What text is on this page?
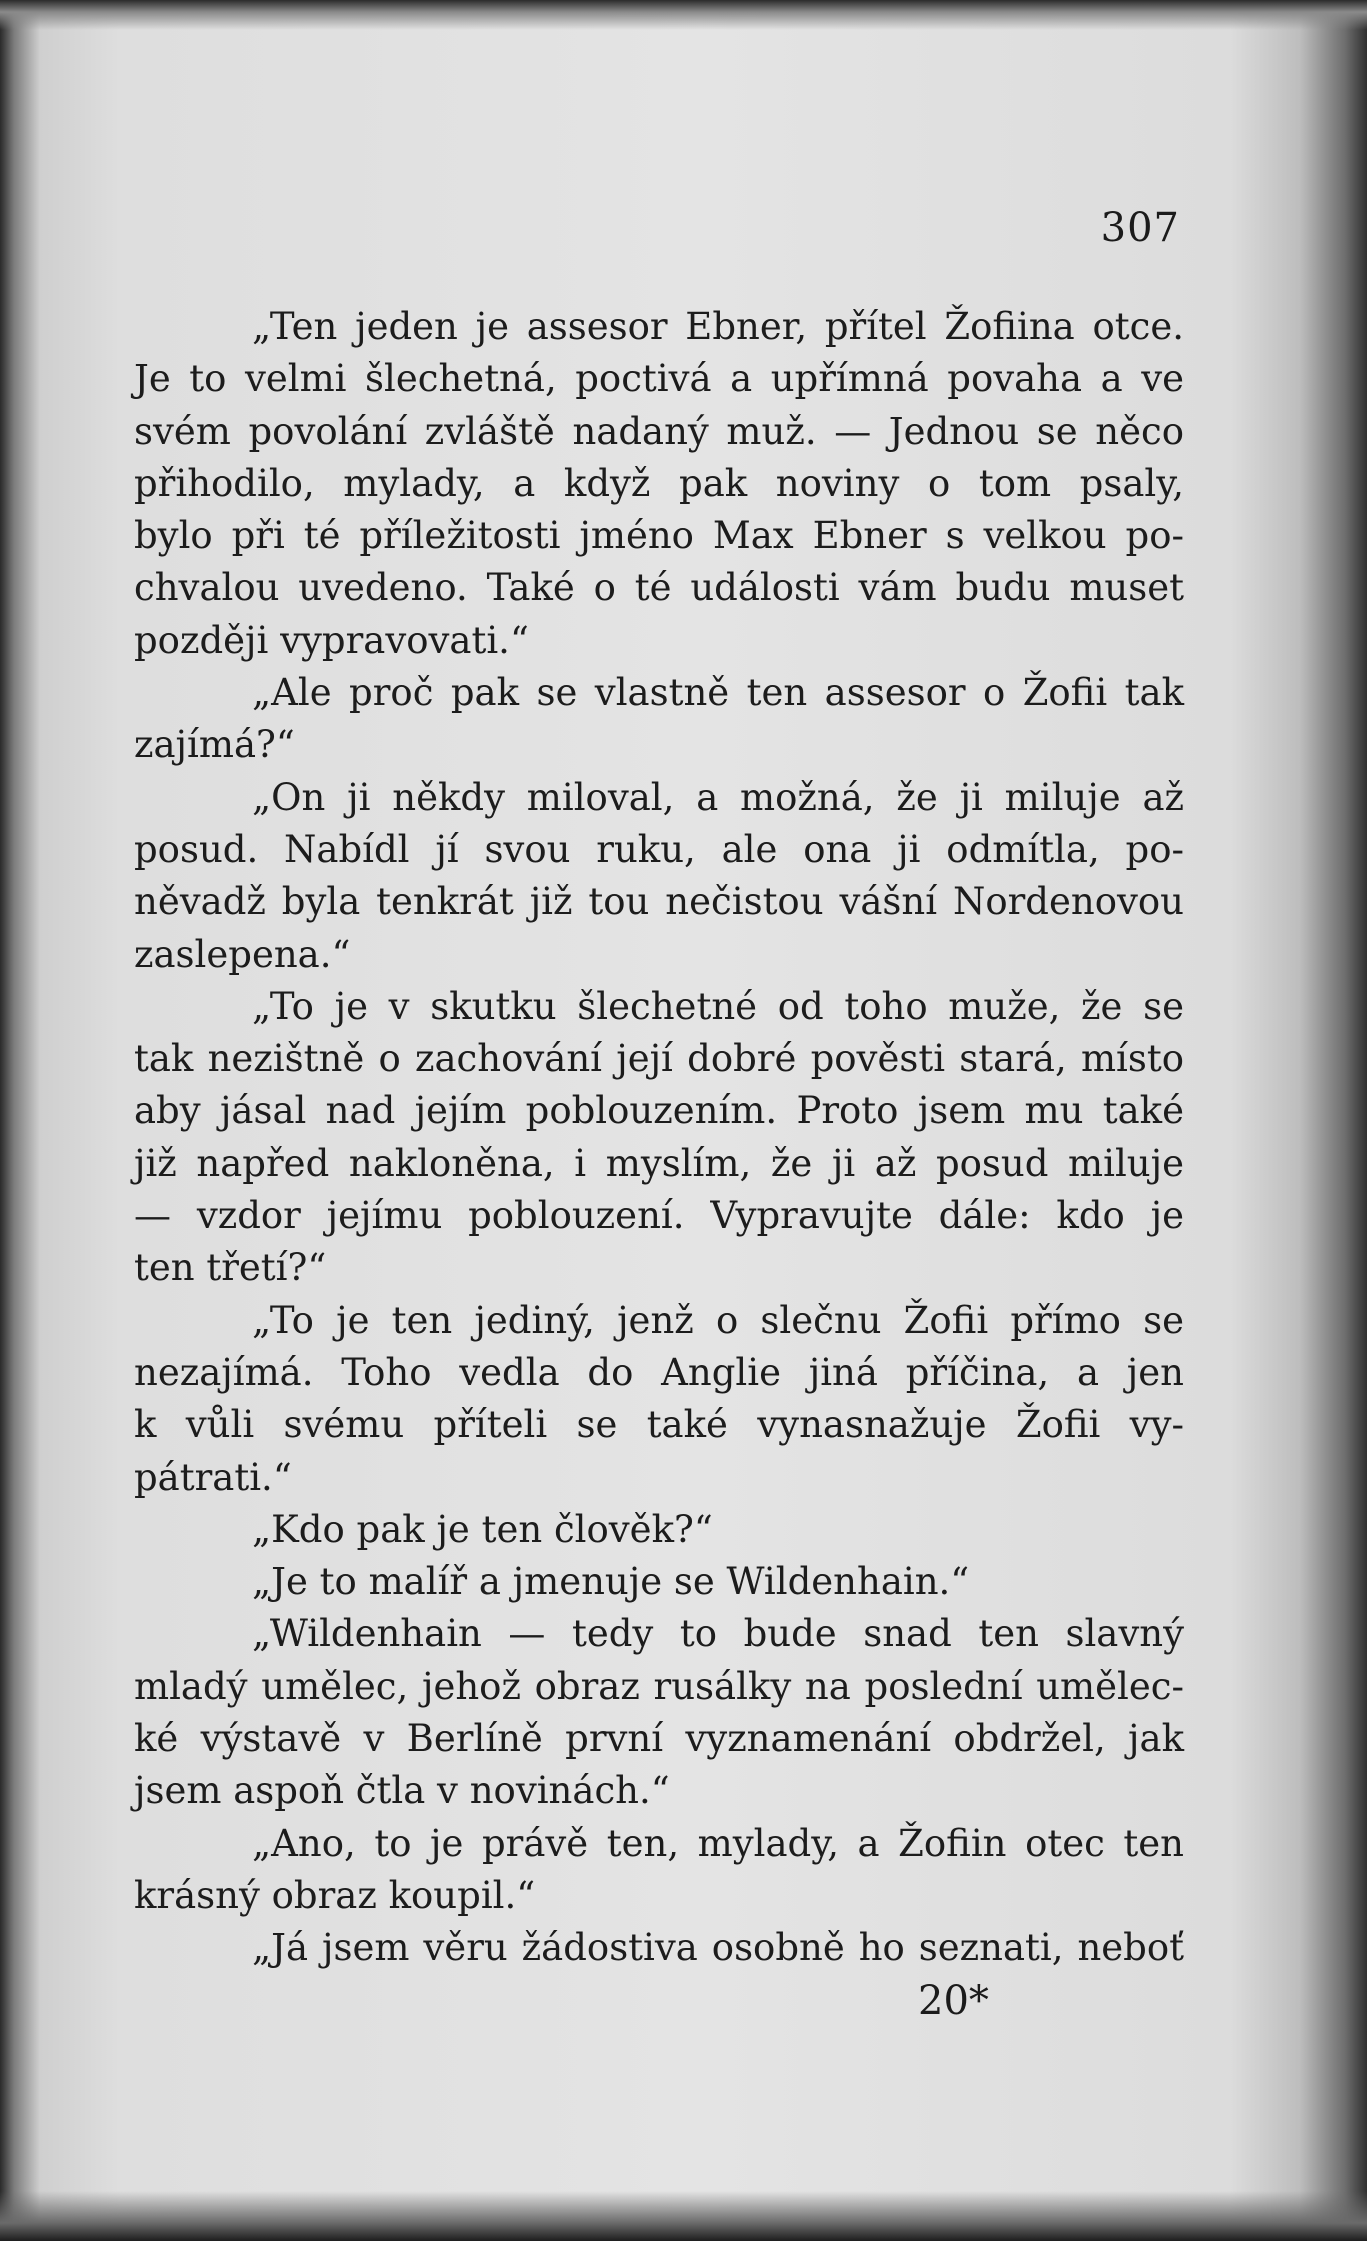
307
„Ten jeden je assesor Ebner, přítel Žofiina otce.
Je to velmi šlechetná, poctivá a upřímná povaha a ve
svém povolání zvláště nadaný muž. — Jednou se něco
přihodilo, mylady, a když pak noviny o tom psaly,
bylo při té příležitosti jméno Max Ebner s velkou po-
chvalou uvedeno. Také o té události vám budu muset
později vypravovati.“
„Ale proč pak se vlastně ten assesor o Žofii tak
zajímá?“
„On ji někdy miloval, a možná, že ji miluje až
posud. Nabídl jí svou ruku, ale ona ji odmítla, po-
něvadž byla tenkrát již tou nečistou vášní Nordenovou
zaslepena.“
„To je v skutku šlechetné od toho muže, že se
tak nezištně o zachování její dobré pověsti stará, místo
aby jásal nad jejím poblouzením. Proto jsem mu také
již napřed nakloněna, i myslím, že ji až posud miluje
— vzdor jejímu poblouzení. Vypravujte dále: kdo je
ten třetí?“
„To je ten jediný, jenž o slečnu Žofii přímo se
nezajímá. Toho vedla do Anglie jiná příčina, a jen
k vůli svému příteli se také vynasnažuje Žofii vy-
pátrati.“
„Kdo pak je ten člověk?“
„Je to malíř a jmenuje se Wildenhain.“
„Wildenhain — tedy to bude snad ten slavný
mladý umělec, jehož obraz rusálky na poslední umělec-
ké výstavě v Berlíně první vyznamenání obdržel, jak
jsem aspoň čtla v novinách.“
„Ano, to je právě ten, mylady, a Žofiin otec ten
krásný obraz koupil.“
„Já jsem věru žádostiva osobně ho seznati, neboť
20*
